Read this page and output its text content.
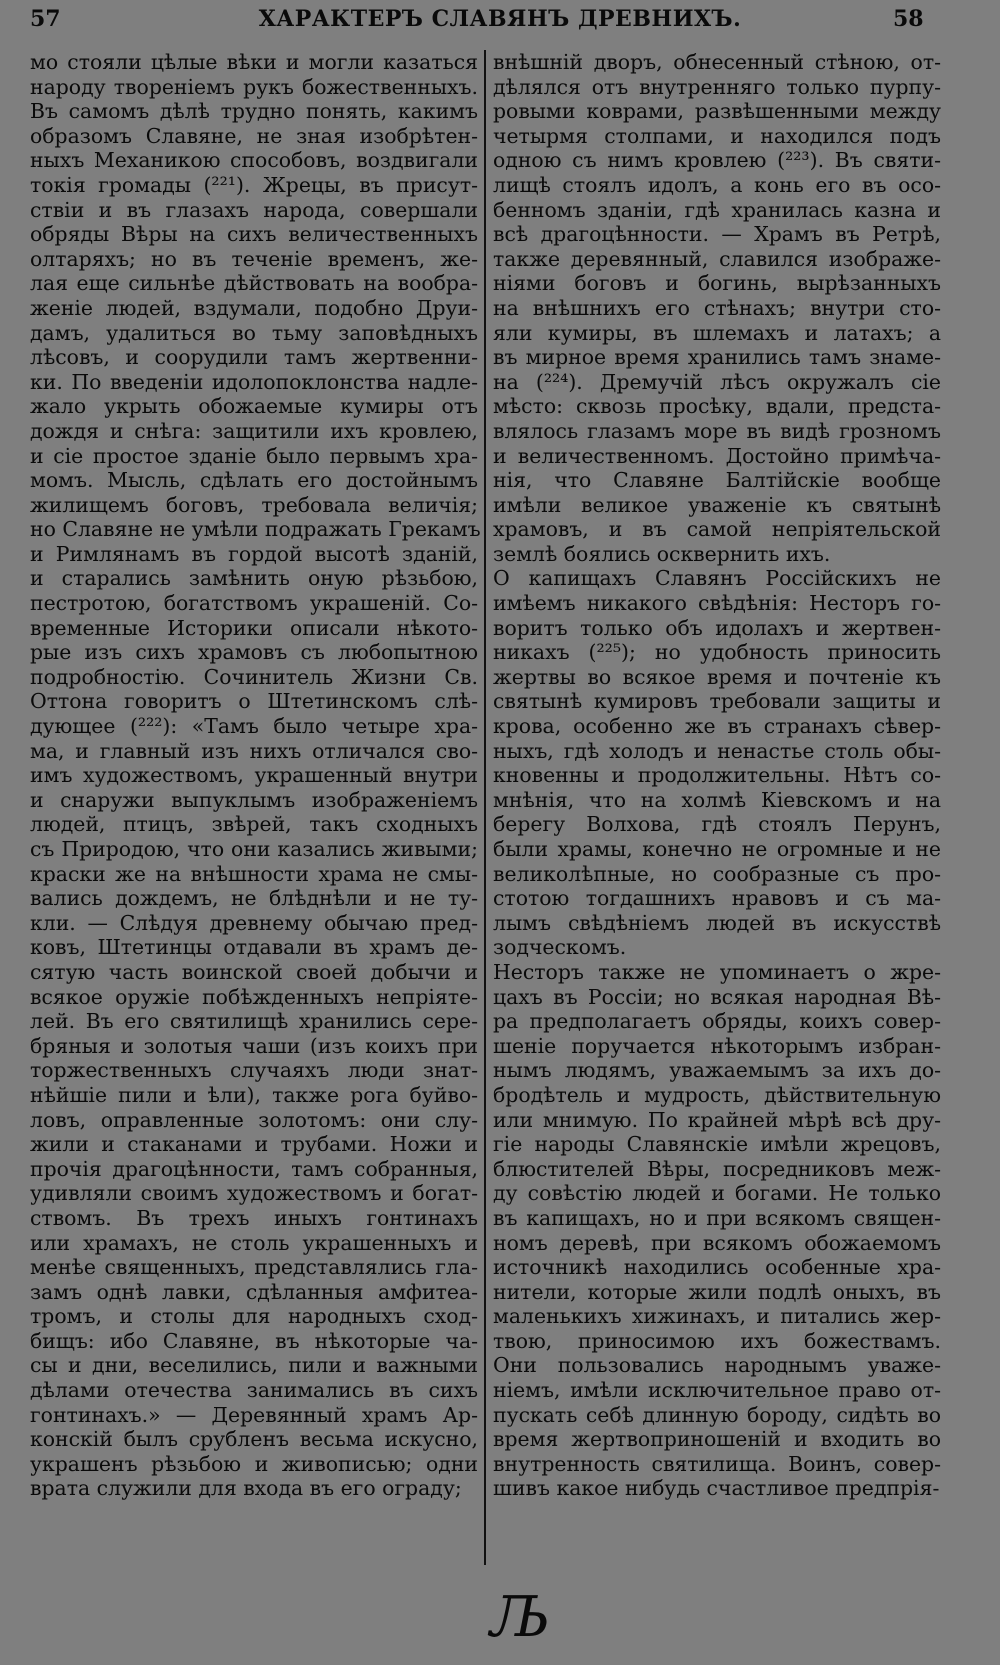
57	ХАРАКТЕРЪ СЛАВЯНЪ ДРЕВНИХЪ.	58
мо стояли цѣлые вѣки и могли казаться
народу твореніемъ рукъ божественныхъ.
Въ самомъ дѣлѣ трудно понять, какимъ
образомъ Славяне, не зная изобрѣтен-
ныхъ Механикою способовъ, воздвигали
токія громады (²²¹). Жрецы, въ присут-
ствіи и въ глазахъ народа, совершали
обряды Вѣры на сихъ величественныхъ
олтаряхъ; но въ теченіе временъ, же-
лая еще сильнѣе дѣйствовать на вообра-
женіе людей, вздумали, подобно Друи-
дамъ, удалиться во тьму заповѣдныхъ
лѣсовъ, и соорудили тамъ жертвенни-
ки. По введеніи идолопоклонства надле-
жало укрыть обожаемые кумиры отъ
дождя и снѣга: защитили ихъ кровлею,
и сіе простое зданіе было первымъ хра-
момъ. Мысль, сдѣлать его достойнымъ
жилищемъ боговъ, требовала величія;
но Славяне не умѣли подражать Грекамъ
и Римлянамъ въ гордой высотѣ зданій,
и старались замѣнить оную рѣзьбою,
пестротою, богатствомъ украшеній. Со-
временные Историки описали нѣкото-
рые изъ сихъ храмовъ съ любопытною
подробностію. Сочинитель Жизни Св.
Оттона говоритъ о Штетинскомъ слѣ-
дующее (²²²): «Тамъ было четыре хра-
ма, и главный изъ нихъ отличался сво-
имъ художествомъ, украшенный внутри
и снаружи выпуклымъ изображеніемъ
людей, птицъ, звѣрей, такъ сходныхъ
съ Природою, что они казались живыми;
краски же на внѣшности храма не смы-
вались дождемъ, не блѣднѣли и не ту-
кли. — Слѣдуя древнему обычаю пред-
ковъ, Штетинцы отдавали въ храмъ де-
сятую часть воинской своей добычи и
всякое оружіе побѣжденныхъ непріяте-
лей. Въ его святилищѣ хранились сере-
бряныя и золотыя чаши (изъ коихъ при
торжественныхъ случаяхъ люди знат-
нѣйшіе пили и ѣли), также рога буйво-
ловъ, оправленные золотомъ: они слу-
жили и стаканами и трубами. Ножи и
прочія драгоцѣнности, тамъ собранныя,
удивляли своимъ художествомъ и богат-
ствомъ. Въ трехъ иныхъ гонтинахъ
или храмахъ, не столь украшенныхъ и
менѣе священныхъ, представлялись гла-
замъ однѣ лавки, сдѣланныя амфитеа-
тромъ, и столы для народныхъ сход-
бищъ: ибо Славяне, въ нѣкоторые ча-
сы и дни, веселились, пили и важными
дѣлами отечества занимались въ сихъ
гонтинахъ.» — Деревянный храмъ Ар-
конскій былъ срубленъ весьма искусно,
украшенъ рѣзьбою и живописью; одни
врата служили для входа въ его ограду;
внѣшній дворъ, обнесенный стѣною, от-
дѣлялся отъ внутренняго только пурпу-
ровыми коврами, развѣшенными между
четырмя столпами, и находился подъ
одною съ нимъ кровлею (²²³). Въ святи-
лищѣ стоялъ идолъ, а конь его въ осо-
бенномъ зданіи, гдѣ хранилась казна и
всѣ драгоцѣнности. — Храмъ въ Ретрѣ,
также деревянный, славился изображе-
ніями боговъ и богинь, вырѣзанныхъ
на внѣшнихъ его стѣнахъ; внутри сто-
яли кумиры, въ шлемахъ и латахъ; а
въ мирное время хранились тамъ знаме-
на (²²⁴). Дремучій лѣсъ окружалъ сіе
мѣсто: сквозь просѣку, вдали, предста-
влялось глазамъ море въ видѣ грозномъ
и величественномъ. Достойно примѣча-
нія, что Славяне Балтійскіе вообще
имѣли великое уваженіе къ святынѣ
храмовъ, и въ самой непріятельской
землѣ боялись осквернить ихъ.
О капищахъ Славянъ Россійскихъ не
имѣемъ никакого свѣдѣнія: Несторъ го-
воритъ только объ идолахъ и жертвен-
никахъ (²²⁵); но удобность приносить
жертвы во всякое время и почтеніе къ
святынѣ кумировъ требовали защиты и
крова, особенно же въ странахъ сѣвер-
ныхъ, гдѣ холодъ и ненастье столь обы-
кновенны и продолжительны. Нѣтъ со-
мнѣнія, что на холмѣ Кіевскомъ и на
берегу Волхова, гдѣ стоялъ Перунъ,
были храмы, конечно не огромные и не
великолѣпные, но сообразные съ про-
стотою тогдашнихъ нравовъ и съ ма-
лымъ свѣдѣніемъ людей въ искусствѣ
зодческомъ.
Несторъ также не упоминаетъ о жре-
цахъ въ Россіи; но всякая народная Вѣ-
ра предполагаетъ обряды, коихъ совер-
шеніе поручается нѣкоторымъ избран-
нымъ людямъ, уважаемымъ за ихъ до-
бродѣтель и мудрость, дѣйствительную
или мнимую. По крайней мѣрѣ всѣ дру-
гіе народы Славянскіе имѣли жрецовъ,
блюстителей Вѣры, посредниковъ меж-
ду совѣстію людей и богами. Не только
въ капищахъ, но и при всякомъ священ-
номъ деревѣ, при всякомъ обожаемомъ
источникѣ находились особенные хра-
нители, которые жили подлѣ оныхъ, въ
маленькихъ хижинахъ, и питались жер-
твою, приносимою ихъ божествамъ.
Они пользовались народнымъ уваже-
ніемъ, имѣли исключительное право от-
пускать себѣ длинную бороду, сидѣть во
время жертвоприношеній и входить во
внутренность святилища. Воинъ, совер-
шивъ какое нибудь счастливое предпрія-
Љ
